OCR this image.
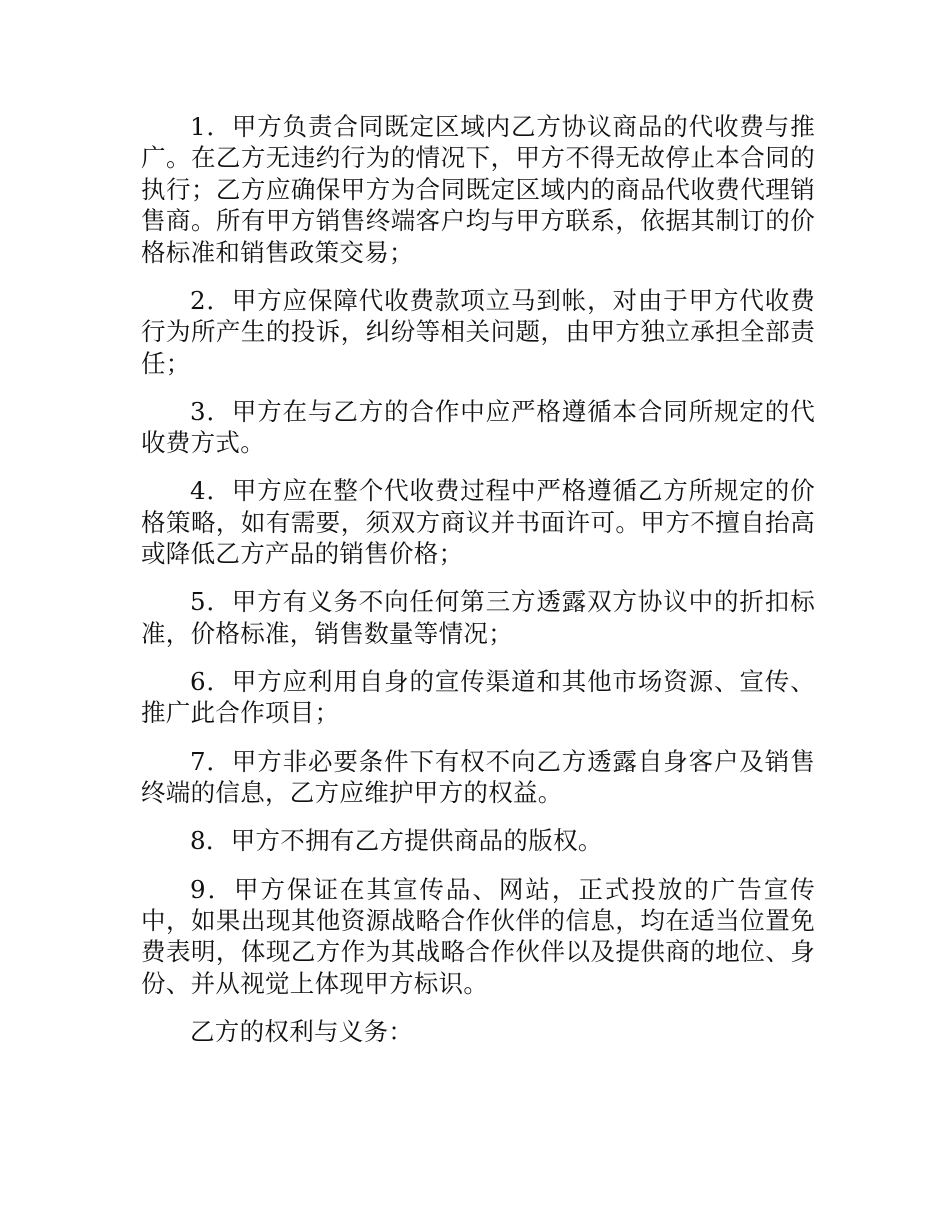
1．甲方负责合同既定区域内乙方协议商品的代收费与推广。在乙方无违约行为的情况下，甲方不得无故停止本合同的执行；乙方应确保甲方为合同既定区域内的商品代收费代理销售商。所有甲方销售终端客户均与甲方联系，依据其制订的价格标准和销售政策交易；

2．甲方应保障代收费款项立马到帐，对由于甲方代收费行为所产生的投诉，纠纷等相关问题，由甲方独立承担全部责任；

3．甲方在与乙方的合作中应严格遵循本合同所规定的代收费方式。

4．甲方应在整个代收费过程中严格遵循乙方所规定的价格策略，如有需要，须双方商议并书面许可。甲方不擅自抬高或降低乙方产品的销售价格；

5．甲方有义务不向任何第三方透露双方协议中的折扣标准，价格标准，销售数量等情况；

6．甲方应利用自身的宣传渠道和其他市场资源、宣传、推广此合作项目；

7．甲方非必要条件下有权不向乙方透露自身客户及销售终端的信息，乙方应维护甲方的权益。

8．甲方不拥有乙方提供商品的版权。

9．甲方保证在其宣传品、网站，正式投放的广告宣传中，如果出现其他资源战略合作伙伴的信息，均在适当位置免费表明，体现乙方作为其战略合作伙伴以及提供商的地位、身份、并从视觉上体现甲方标识。

乙方的权利与义务：
